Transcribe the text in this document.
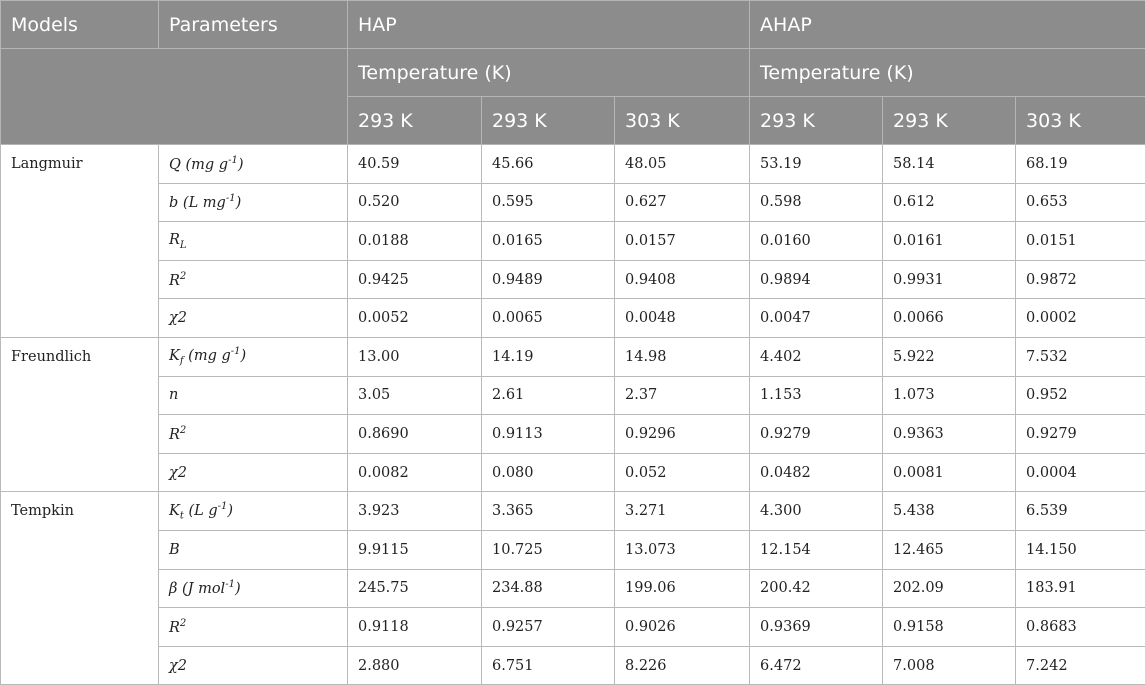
Models	Parameters	HAP			AHAP		
		Temperature (K)			Temperature (K)		
		293 K	293 K	303 K	293 K	293 K	303 K
Langmuir	Q (mg $g^{-1}$)	40.59	45.66	48.05	53.19	58.14	68.19
	b (L $mg^{-1}$)	0.520	0.595	0.627	0.598	0.612	0.653
	$R_L$	0.0188	0.0165	0.0157	0.0160	0.0161	0.0151
	$R^2$	0.9425	0.9489	0.9408	0.9894	0.9931	0.9872
	χ2	0.0052	0.0065	0.0048	0.0047	0.0066	0.0002
Freundlich	$K_f$ (mg $g^{-1}$)	13.00	14.19	14.98	4.402	5.922	7.532
	n	3.05	2.61	2.37	1.153	1.073	0.952
	$R^2$	0.8690	0.9113	0.9296	0.9279	0.9363	0.9279
	χ2	0.0082	0.080	0.052	0.0482	0.0081	0.0004
Tempkin	$K_t$ (L $g^{-1}$)	3.923	3.365	3.271	4.300	5.438	6.539
	B	9.9115	10.725	13.073	12.154	12.465	14.150
	β (J mol$^{-1}$)	245.75	234.88	199.06	200.42	202.09	183.91
	$R^2$	0.9118	0.9257	0.9026	0.9369	0.9158	0.8683
	χ2	2.880	6.751	8.226	6.472	7.008	7.242
